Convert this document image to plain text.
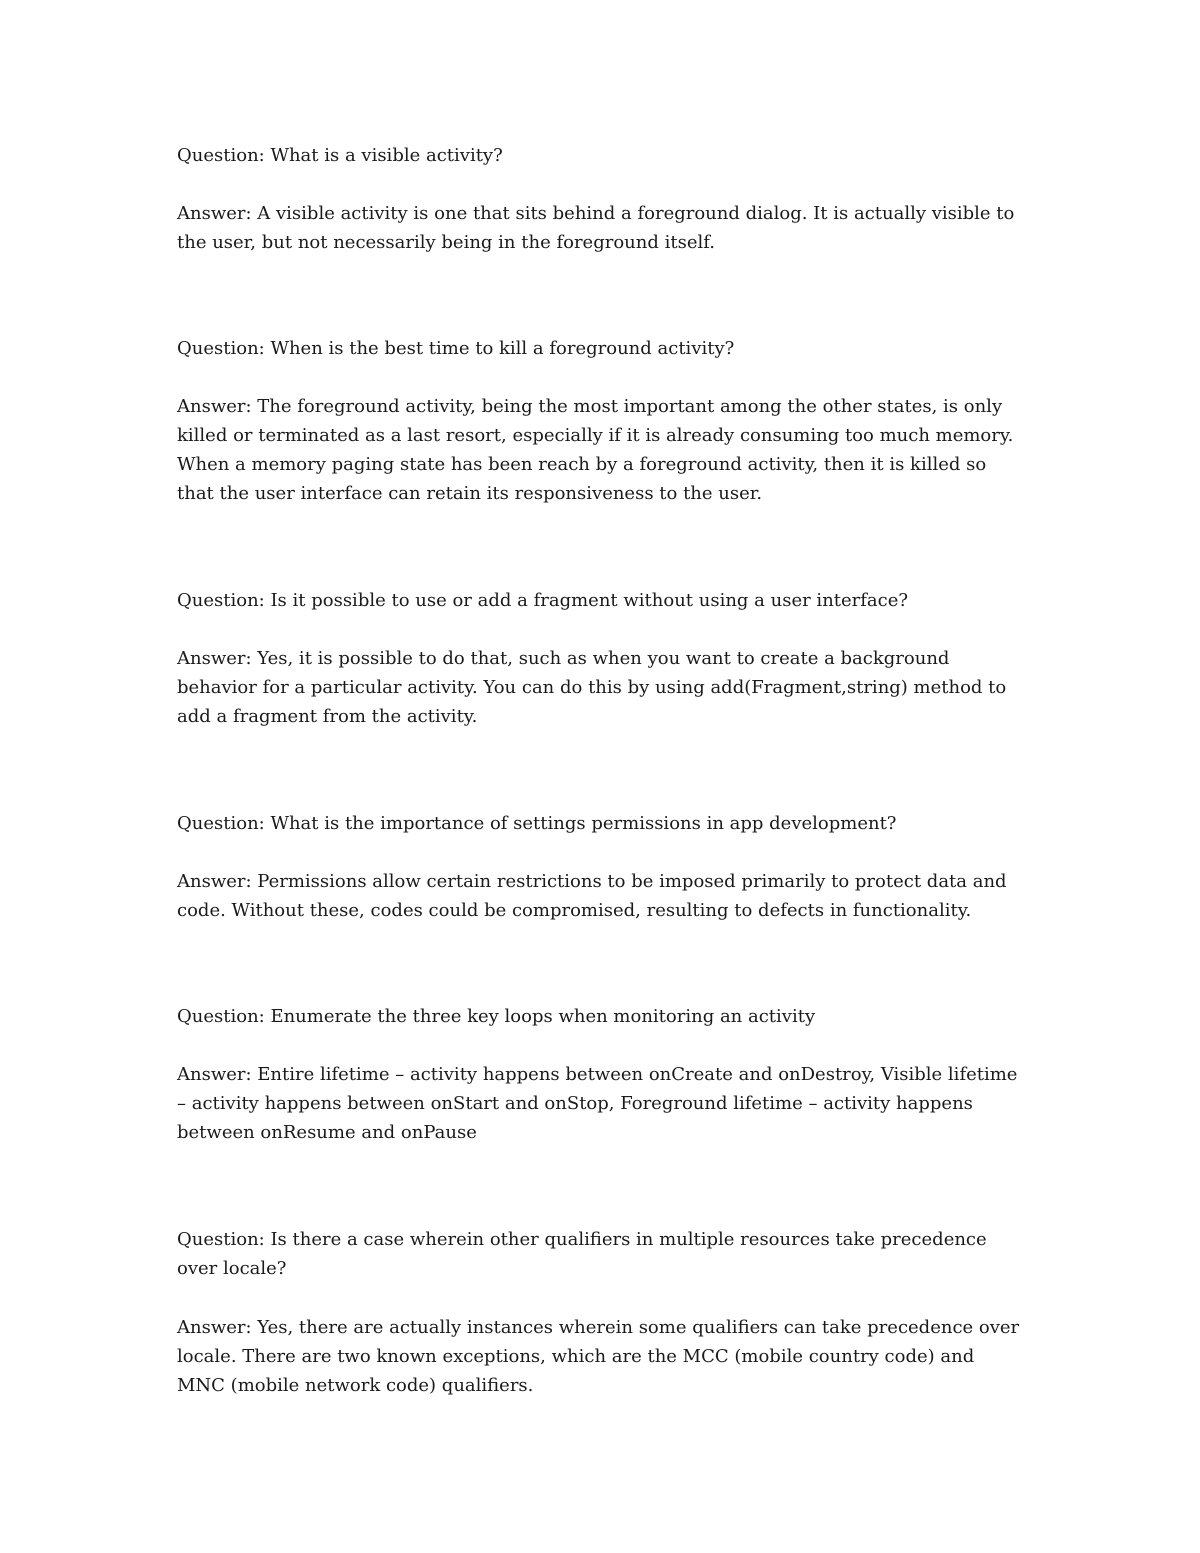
Question: What is a visible activity?

Answer: A visible activity is one that sits behind a foreground dialog. It is actually visible to the user, but not necessarily being in the foreground itself.

Question: When is the best time to kill a foreground activity?

Answer: The foreground activity, being the most important among the other states, is only killed or terminated as a last resort, especially if it is already consuming too much memory. When a memory paging state has been reach by a foreground activity, then it is killed so that the user interface can retain its responsiveness to the user.

Question: Is it possible to use or add a fragment without using a user interface?

Answer: Yes, it is possible to do that, such as when you want to create a background behavior for a particular activity. You can do this by using add(Fragment,string) method to add a fragment from the activity.

Question: What is the importance of settings permissions in app development?

Answer: Permissions allow certain restrictions to be imposed primarily to protect data and code. Without these, codes could be compromised, resulting to defects in functionality.

Question: Enumerate the three key loops when monitoring an activity

Answer: Entire lifetime – activity happens between onCreate and onDestroy, Visible lifetime – activity happens between onStart and onStop, Foreground lifetime – activity happens between onResume and onPause

Question: Is there a case wherein other qualifiers in multiple resources take precedence over locale?

Answer: Yes, there are actually instances wherein some qualifiers can take precedence over locale. There are two known exceptions, which are the MCC (mobile country code) and MNC (mobile network code) qualifiers.
